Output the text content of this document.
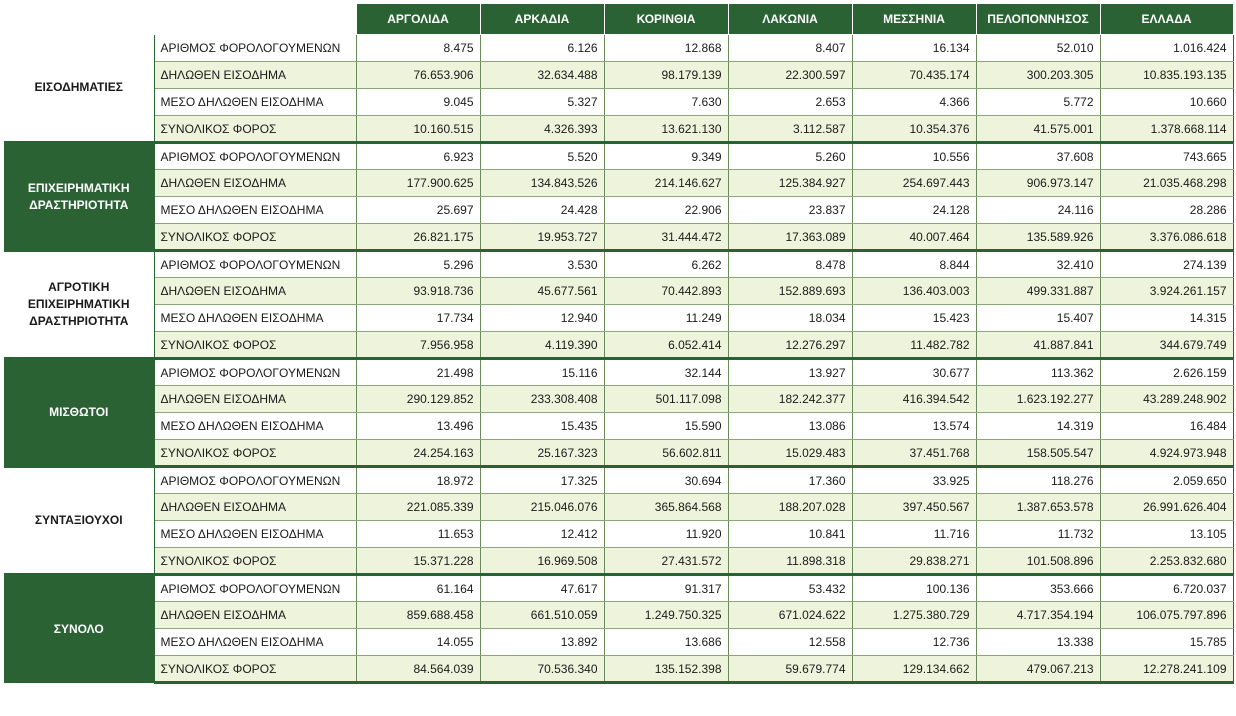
		ΑΡΓΟΛΙΔΑ	ΑΡΚΑΔΙΑ	ΚΟΡΙΝΘΙΑ	ΛΑΚΩΝΙΑ	ΜΕΣΣΗΝΙΑ	ΠΕΛΟΠΟΝΝΗΣΟΣ	ΕΛΛΑΔΑ
ΕΙΣΟΔΗΜΑΤΙΕΣ	ΑΡΙΘΜΟΣ ΦΟΡΟΛΟΓΟΥΜΕΝΩΝ	8.475	6.126	12.868	8.407	16.134	52.010	1.016.424
	ΔΗΛΩΘΕΝ ΕΙΣΟΔΗΜΑ	76.653.906	32.634.488	98.179.139	22.300.597	70.435.174	300.203.305	10.835.193.135
	ΜΕΣΟ ΔΗΛΩΘΕΝ ΕΙΣΟΔΗΜΑ	9.045	5.327	7.630	2.653	4.366	5.772	10.660
	ΣΥΝΟΛΙΚΟΣ ΦΟΡΟΣ	10.160.515	4.326.393	13.621.130	3.112.587	10.354.376	41.575.001	1.378.668.114
ΕΠΙΧΕΙΡΗΜΑΤΙΚΗ ΔΡΑΣΤΗΡΙΟΤΗΤΑ	ΑΡΙΘΜΟΣ ΦΟΡΟΛΟΓΟΥΜΕΝΩΝ	6.923	5.520	9.349	5.260	10.556	37.608	743.665
	ΔΗΛΩΘΕΝ ΕΙΣΟΔΗΜΑ	177.900.625	134.843.526	214.146.627	125.384.927	254.697.443	906.973.147	21.035.468.298
	ΜΕΣΟ ΔΗΛΩΘΕΝ ΕΙΣΟΔΗΜΑ	25.697	24.428	22.906	23.837	24.128	24.116	28.286
	ΣΥΝΟΛΙΚΟΣ ΦΟΡΟΣ	26.821.175	19.953.727	31.444.472	17.363.089	40.007.464	135.589.926	3.376.086.618
ΑΓΡΟΤΙΚΗ ΕΠΙΧΕΙΡΗΜΑΤΙΚΗ ΔΡΑΣΤΗΡΙΟΤΗΤΑ	ΑΡΙΘΜΟΣ ΦΟΡΟΛΟΓΟΥΜΕΝΩΝ	5.296	3.530	6.262	8.478	8.844	32.410	274.139
	ΔΗΛΩΘΕΝ ΕΙΣΟΔΗΜΑ	93.918.736	45.677.561	70.442.893	152.889.693	136.403.003	499.331.887	3.924.261.157
	ΜΕΣΟ ΔΗΛΩΘΕΝ ΕΙΣΟΔΗΜΑ	17.734	12.940	11.249	18.034	15.423	15.407	14.315
	ΣΥΝΟΛΙΚΟΣ ΦΟΡΟΣ	7.956.958	4.119.390	6.052.414	12.276.297	11.482.782	41.887.841	344.679.749
ΜΙΣΘΩΤΟΙ	ΑΡΙΘΜΟΣ ΦΟΡΟΛΟΓΟΥΜΕΝΩΝ	21.498	15.116	32.144	13.927	30.677	113.362	2.626.159
	ΔΗΛΩΘΕΝ ΕΙΣΟΔΗΜΑ	290.129.852	233.308.408	501.117.098	182.242.377	416.394.542	1.623.192.277	43.289.248.902
	ΜΕΣΟ ΔΗΛΩΘΕΝ ΕΙΣΟΔΗΜΑ	13.496	15.435	15.590	13.086	13.574	14.319	16.484
	ΣΥΝΟΛΙΚΟΣ ΦΟΡΟΣ	24.254.163	25.167.323	56.602.811	15.029.483	37.451.768	158.505.547	4.924.973.948
ΣΥΝΤΑΞΙΟΥΧΟΙ	ΑΡΙΘΜΟΣ ΦΟΡΟΛΟΓΟΥΜΕΝΩΝ	18.972	17.325	30.694	17.360	33.925	118.276	2.059.650
	ΔΗΛΩΘΕΝ ΕΙΣΟΔΗΜΑ	221.085.339	215.046.076	365.864.568	188.207.028	397.450.567	1.387.653.578	26.991.626.404
	ΜΕΣΟ ΔΗΛΩΘΕΝ ΕΙΣΟΔΗΜΑ	11.653	12.412	11.920	10.841	11.716	11.732	13.105
	ΣΥΝΟΛΙΚΟΣ ΦΟΡΟΣ	15.371.228	16.969.508	27.431.572	11.898.318	29.838.271	101.508.896	2.253.832.680
ΣΥΝΟΛΟ	ΑΡΙΘΜΟΣ ΦΟΡΟΛΟΓΟΥΜΕΝΩΝ	61.164	47.617	91.317	53.432	100.136	353.666	6.720.037
	ΔΗΛΩΘΕΝ ΕΙΣΟΔΗΜΑ	859.688.458	661.510.059	1.249.750.325	671.024.622	1.275.380.729	4.717.354.194	106.075.797.896
	ΜΕΣΟ ΔΗΛΩΘΕΝ ΕΙΣΟΔΗΜΑ	14.055	13.892	13.686	12.558	12.736	13.338	15.785
	ΣΥΝΟΛΙΚΟΣ ΦΟΡΟΣ	84.564.039	70.536.340	135.152.398	59.679.774	129.134.662	479.067.213	12.278.241.109
